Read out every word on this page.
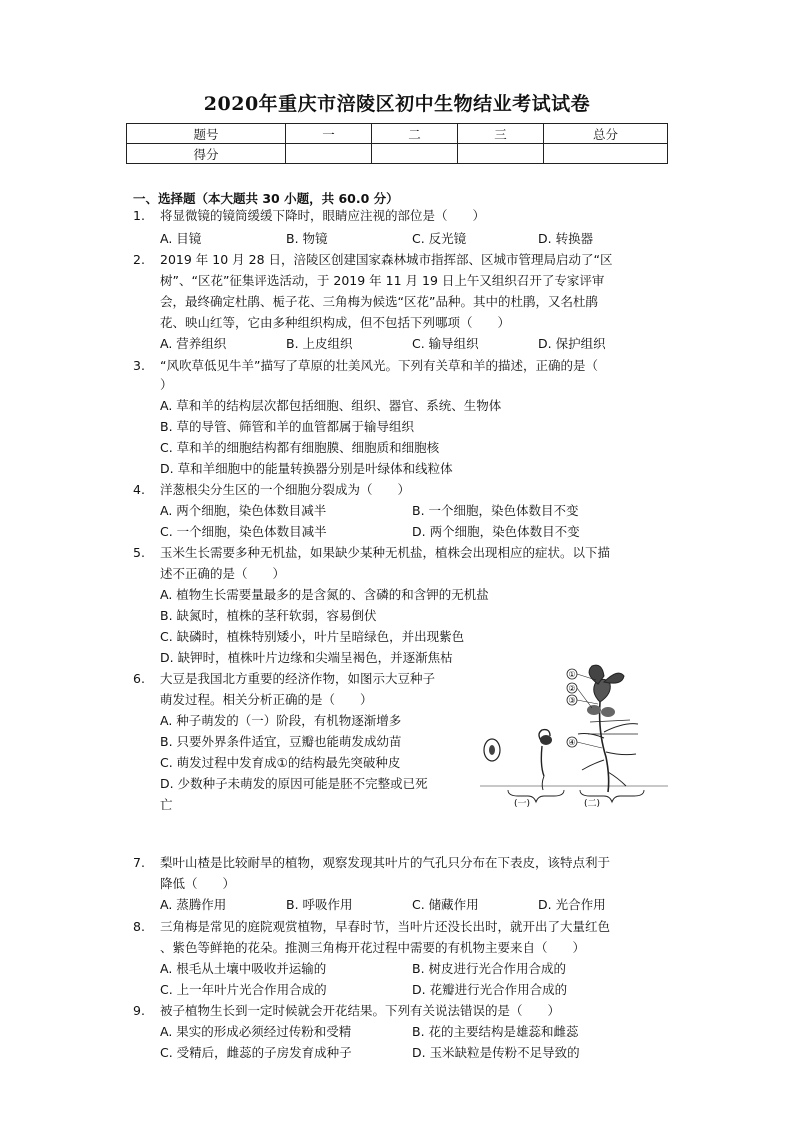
2020年重庆市涪陵区初中生物结业考试试卷
题号	一	二	三	总分
得分				
一、选择题（本大题共 30 小题，共 60.0 分）
1. 将显微镜的镜筒缓缓下降时，眼睛应注视的部位是（　　）
A. 目镜	B. 物镜	C. 反光镜	D. 转换器
2. 2019 年 10 月 28 日，涪陵区创建国家森林城市指挥部、区城市管理局启动了“区
树”、“区花”征集评选活动，于 2019 年 11 月 19 日上午又组织召开了专家评审
会，最终确定杜鹃、栀子花、三角梅为候选“区花”品种。其中的杜鹃，又名杜鹃
花、映山红等，它由多种组织构成，但不包括下列哪项（　　）
A. 营养组织	B. 上皮组织	C. 输导组织	D. 保护组织
3. “风吹草低见牛羊”描写了草原的壮美风光。下列有关草和羊的描述，正确的是（
）
A. 草和羊的结构层次都包括细胞、组织、器官、系统、生物体
B. 草的导管、筛管和羊的血管都属于输导组织
C. 草和羊的细胞结构都有细胞膜、细胞质和细胞核
D. 草和羊细胞中的能量转换器分别是叶绿体和线粒体
4. 洋葱根尖分生区的一个细胞分裂成为（　　）
A. 两个细胞，染色体数目减半	B. 一个细胞，染色体数目不变
C. 一个细胞，染色体数目减半	D. 两个细胞，染色体数目不变
5. 玉米生长需要多种无机盐，如果缺少某种无机盐，植株会出现相应的症状。以下描
述不正确的是（　　）
A. 植物生长需要量最多的是含氮的、含磷的和含钾的无机盐
B. 缺氮时，植株的茎秆软弱，容易倒伏
C. 缺磷时，植株特别矮小，叶片呈暗绿色，并出现紫色
D. 缺钾时，植株叶片边缘和尖端呈褐色，并逐渐焦枯
6. 大豆是我国北方重要的经济作物，如图示大豆种子
萌发过程。相关分析正确的是（　　）
A. 种子萌发的（一）阶段，有机物逐渐增多
B. 只要外界条件适宜，豆瓣也能萌发成幼苗
C. 萌发过程中发育成①的结构最先突破种皮
D. 少数种子未萌发的原因可能是胚不完整或已死
亡
①
②
③
④
(一)	(二)
7. 梨叶山楂是比较耐旱的植物，观察发现其叶片的气孔只分布在下表皮，该特点利于
降低（　　）
A. 蒸腾作用	B. 呼吸作用	C. 储藏作用	D. 光合作用
8. 三角梅是常见的庭院观赏植物，早春时节，当叶片还没长出时，就开出了大量红色
、紫色等鲜艳的花朵。推测三角梅开花过程中需要的有机物主要来自（　　）
A. 根毛从土壤中吸收并运输的	B. 树皮进行光合作用合成的
C. 上一年叶片光合作用合成的	D. 花瓣进行光合作用合成的
9. 被子植物生长到一定时候就会开花结果。下列有关说法错误的是（　　）
A. 果实的形成必须经过传粉和受精	B. 花的主要结构是雄蕊和雌蕊
C. 受精后，雌蕊的子房发育成种子	D. 玉米缺粒是传粉不足导致的
